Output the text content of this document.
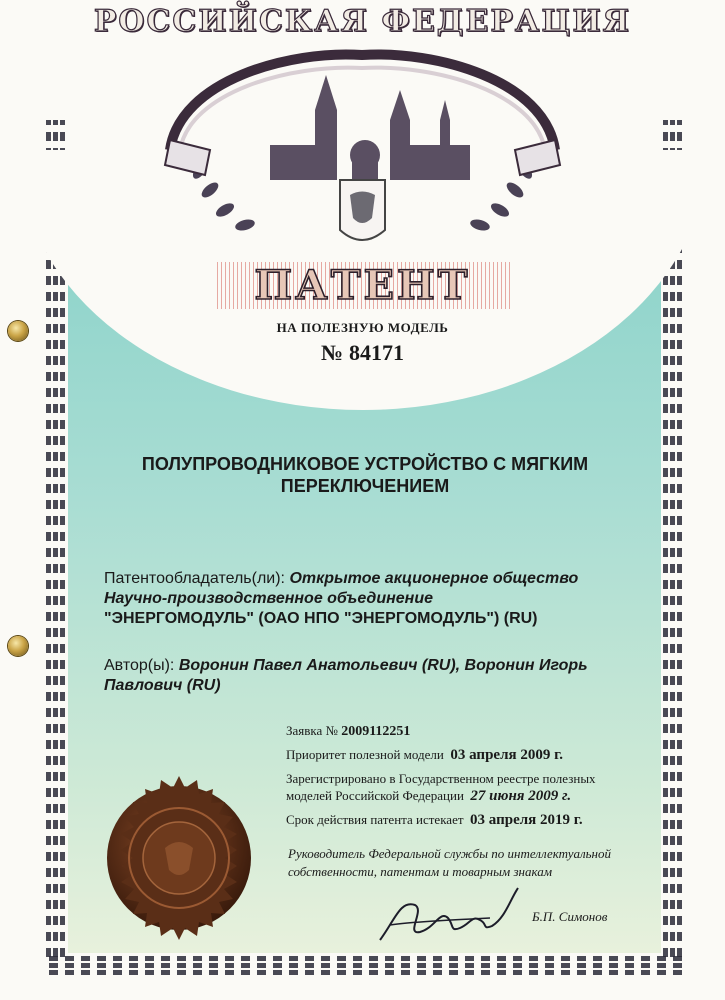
РОССИЙСКАЯ ФЕДЕРАЦИЯ
ПАТЕНТ
НА ПОЛЕЗНУЮ МОДЕЛЬ
№ 84171
ПОЛУПРОВОДНИКОВОЕ УСТРОЙСТВО С МЯГКИМ
ПЕРЕКЛЮЧЕНИЕМ
Патентообладатель(ли): Открытое акционерное общество
Научно-производственное объединение
"ЭНЕРГОМОДУЛЬ" (ОАО НПО "ЭНЕРГОМОДУЛЬ") (RU)
Автор(ы): Воронин Павел Анатольевич (RU), Воронин Игорь
Павлович (RU)
Заявка № 2009112251
Приоритет полезной модели 03 апреля 2009 г.
Зарегистрировано в Государственном реестре полезных
моделей Российской Федерации 27 июня 2009 г.
Срок действия патента истекает 03 апреля 2019 г.
Руководитель Федеральной службы по интеллектуальной
собственности, патентам и товарным знакам
Б.П. Симонов
